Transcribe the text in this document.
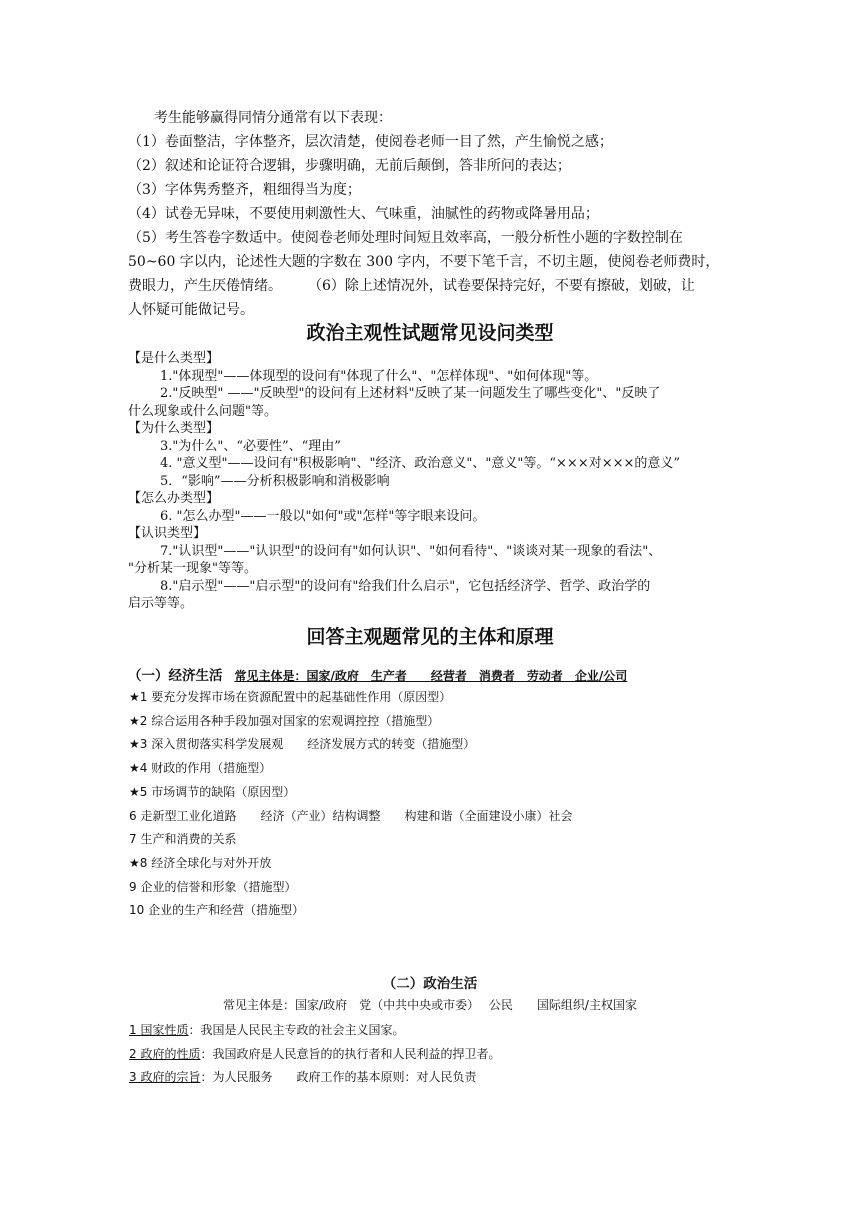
考生能够赢得同情分通常有以下表现：

（1）卷面整洁，字体整齐，层次清楚，使阅卷老师一目了然，产生愉悦之感；

（2）叙述和论证符合逻辑，步骤明确，无前后颠倒，答非所问的表达；

（3）字体隽秀整齐，粗细得当为度；

（4）试卷无异味，不要使用刺激性大、气味重，油腻性的药物或降暑用品；

（5）考生答卷字数适中。使阅卷老师处理时间短且效率高，一般分析性小题的字数控制在

50~60 字以内，论述性大题的字数在 300 字内，不要下笔千言，不切主题，使阅卷老师费时，

费眼力，产生厌倦情绪。 （6）除上述情况外，试卷要保持完好，不要有擦破，划破，让

人怀疑可能做记号。

政治主观性试题常见设问类型

【是什么类型】

1."体现型"——体现型的设问有"体现了什么"、"怎样体现"、"如何体现"等。

2."反映型" ——"反映型"的设问有上述材料"反映了某一问题发生了哪些变化"、"反映了

什么现象或什么问题"等。

【为什么类型】

3."为什么"、“必要性”、“理由”

4. "意义型"——设问有"积极影响"、"经济、政治意义"、"意义"等。“×××对×××的意义”

5．“影响”——分析积极影响和消极影响

【怎么办类型】

6. "怎么办型"——一般以"如何"或"怎样"等字眼来设问。

【认识类型】

7."认识型"——"认识型"的设问有"如何认识"、"如何看待"、"谈谈对某一现象的看法"、

"分析某一现象"等等。

8."启示型"——"启示型"的设问有"给我们什么启示"，它包括经济学、哲学、政治学的

启示等等。

回答主观题常见的主体和原理
（一）经济生活 常见主体是：国家/政府　生产者　　经营者　消费者　劳动者　企业/公司
★1 要充分发挥市场在资源配置中的起基础性作用（原因型）
★2 综合运用各种手段加强对国家的宏观调控控（措施型）
★3 深入贯彻落实科学发展观　　经济发展方式的转变（措施型）
★4 财政的作用（措施型）
★5 市场调节的缺陷（原因型）
6 走新型工业化道路　　经济（产业）结构调整　　构建和谐（全面建设小康）社会
7 生产和消费的关系
★8 经济全球化与对外开放
9 企业的信誉和形象（措施型）
10 企业的生产和经营（措施型）
（二）政治生活
常见主体是：国家/政府　党（中共中央或市委）　 公民　　国际组织/主权国家
1 国家性质：我国是人民民主专政的社会主义国家。
2 政府的性质：我国政府是人民意旨的的执行者和人民利益的捍卫者。
3 政府的宗旨：为人民服务　　政府工作的基本原则：对人民负责
